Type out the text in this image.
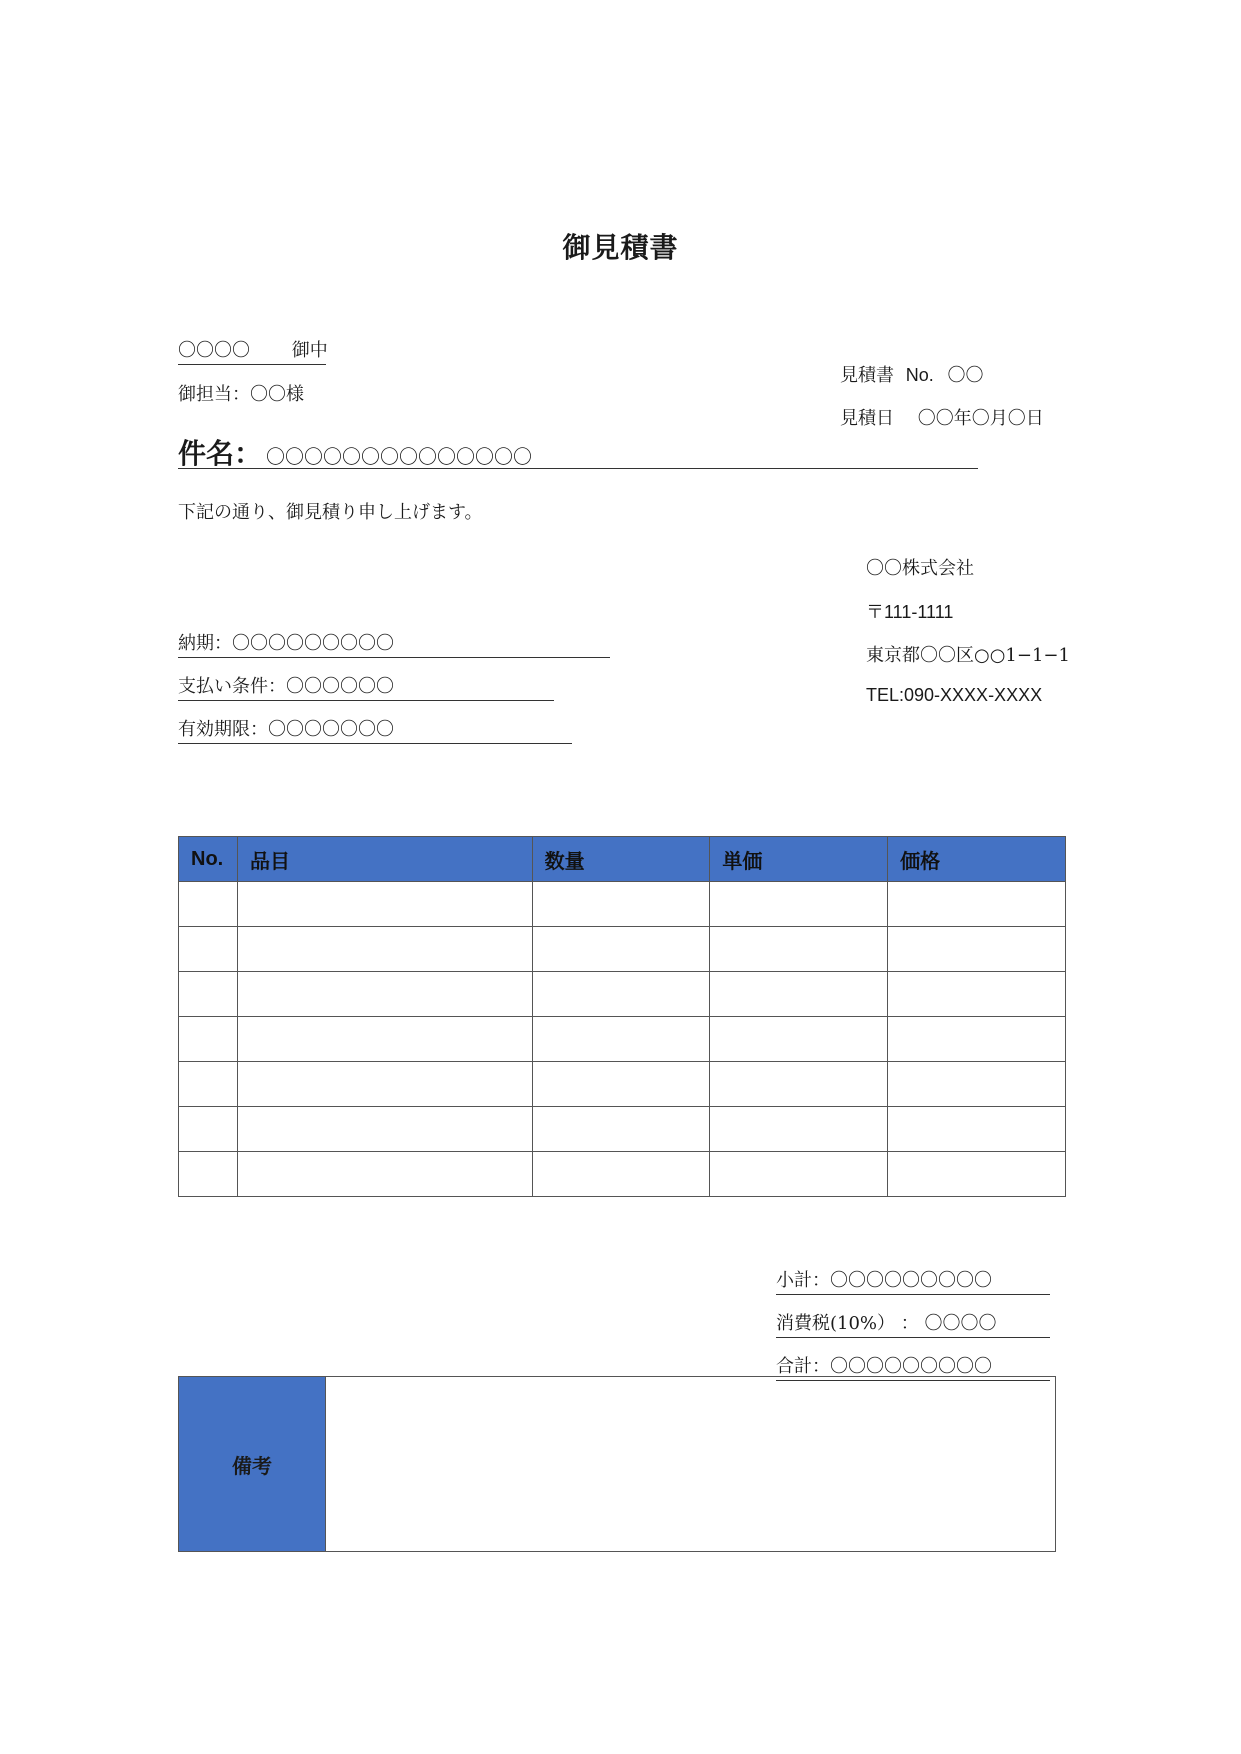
御見積書
〇〇〇〇 御中
御担当：〇〇様
見積書 No. 〇〇
見積日 〇〇年〇月〇日
件名： 〇〇〇〇〇〇〇〇〇〇〇〇〇〇
下記の通り、御見積り申し上げます。
〇〇株式会社
〒111-1111
東京都〇〇区○○1−1−1
TEL:090-XXXX-XXXX
納期：〇〇〇〇〇〇〇〇〇
支払い条件：〇〇〇〇〇〇
有効期限：〇〇〇〇〇〇〇
No.	品目	数量	単価	価格

小計：〇〇〇〇〇〇〇〇〇
消費税(10%） ： 〇〇〇〇
合計：〇〇〇〇〇〇〇〇〇
備考
